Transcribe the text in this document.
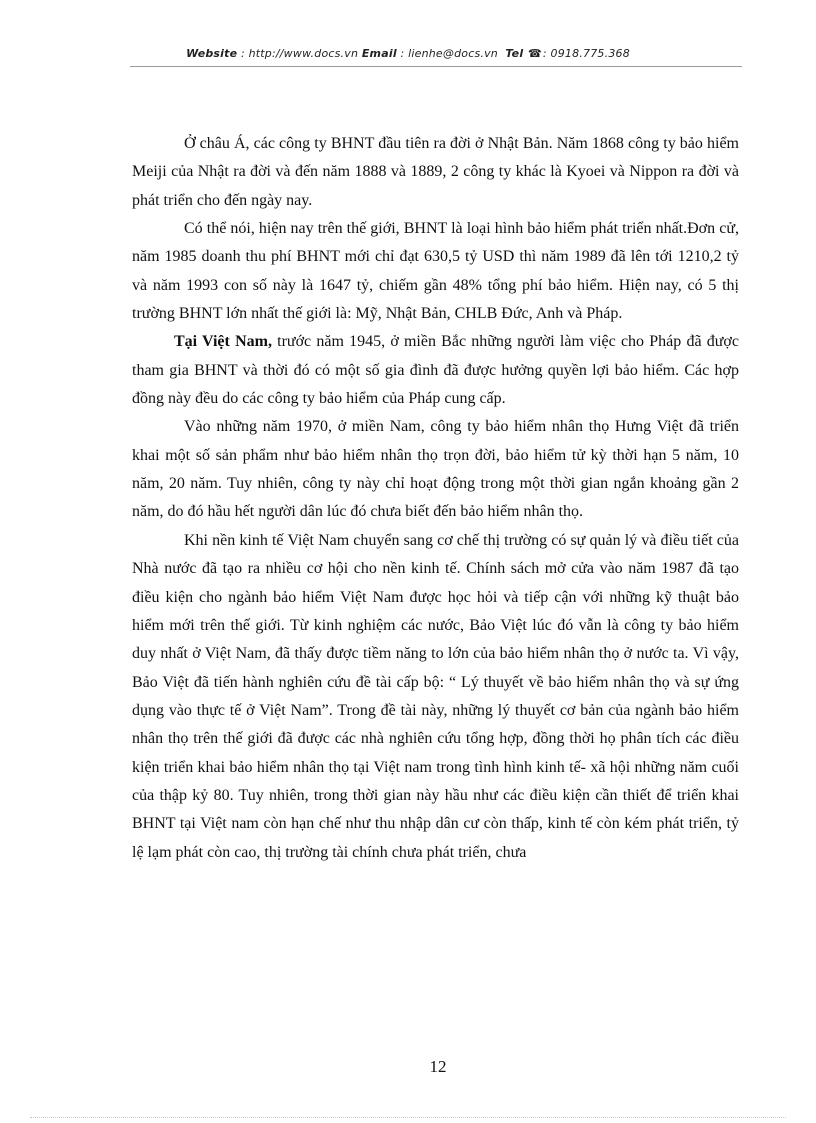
Website : http://www.docs.vn Email : lienhe@docs.vn Tel ☎: 0918.775.368

Ở châu Á, các công ty BHNT đầu tiên ra đời ở Nhật Bản. Năm 1868 công ty bảo hiểm Meiji của Nhật ra đời và đến năm 1888 và 1889, 2 công ty khác là Kyoei và Nippon ra đời và phát triển cho đến ngày nay.

Có thể nói, hiện nay trên thế giới, BHNT là loại hình bảo hiểm phát triển nhất.Đơn cử, năm 1985 doanh thu phí BHNT mới chỉ đạt 630,5 tỷ USD thì năm 1989 đã lên tới 1210,2 tỷ và năm 1993 con số này là 1647 tỷ, chiếm gần 48% tổng phí bảo hiểm. Hiện nay, có 5 thị trường BHNT lớn nhất thế giới là: Mỹ, Nhật Bản, CHLB Đức, Anh và Pháp.

Tại Việt Nam, trước năm 1945, ở miền Bắc những người làm việc cho Pháp đã được tham gia BHNT và thời đó có một số gia đình đã được hưởng quyền lợi bảo hiểm. Các hợp đồng này đều do các công ty bảo hiểm của Pháp cung cấp.

Vào những năm 1970, ở miền Nam, công ty bảo hiểm nhân thọ Hưng Việt đã triển khai một số sản phẩm như bảo hiểm nhân thọ trọn đời, bảo hiểm tử kỳ thời hạn 5 năm, 10 năm, 20 năm. Tuy nhiên, công ty này chỉ hoạt động trong một thời gian ngắn khoảng gần 2 năm, do đó hầu hết người dân lúc đó chưa biết đến bảo hiểm nhân thọ.

Khi nền kinh tế Việt Nam chuyển sang cơ chế thị trường có sự quản lý và điều tiết của Nhà nước đã tạo ra nhiều cơ hội cho nền kinh tế. Chính sách mở cửa vào năm 1987 đã tạo điều kiện cho ngành bảo hiểm Việt Nam được học hỏi và tiếp cận với những kỹ thuật bảo hiểm mới trên thế giới. Từ kinh nghiệm các nước, Bảo Việt lúc đó vẫn là công ty bảo hiểm duy nhất ở Việt Nam, đã thấy được tiềm năng to lớn của bảo hiểm nhân thọ ở nước ta. Vì vậy, Bảo Việt đã tiến hành nghiên cứu đề tài cấp bộ: “ Lý thuyết về bảo hiểm nhân thọ và sự ứng dụng vào thực tế ở Việt Nam”. Trong đề tài này, những lý thuyết cơ bản của ngành bảo hiểm nhân thọ trên thế giới đã được các nhà nghiên cứu tổng hợp, đồng thời họ phân tích các điều kiện triển khai bảo hiểm nhân thọ tại Việt nam trong tình hình kinh tế- xã hội những năm cuối của thập kỷ 80. Tuy nhiên, trong thời gian này hầu như các điều kiện cần thiết để triển khai BHNT tại Việt nam còn hạn chế như thu nhập dân cư còn thấp, kinh tế còn kém phát triển, tỷ lệ lạm phát còn cao, thị trường tài chính chưa phát triển, chưa

12
